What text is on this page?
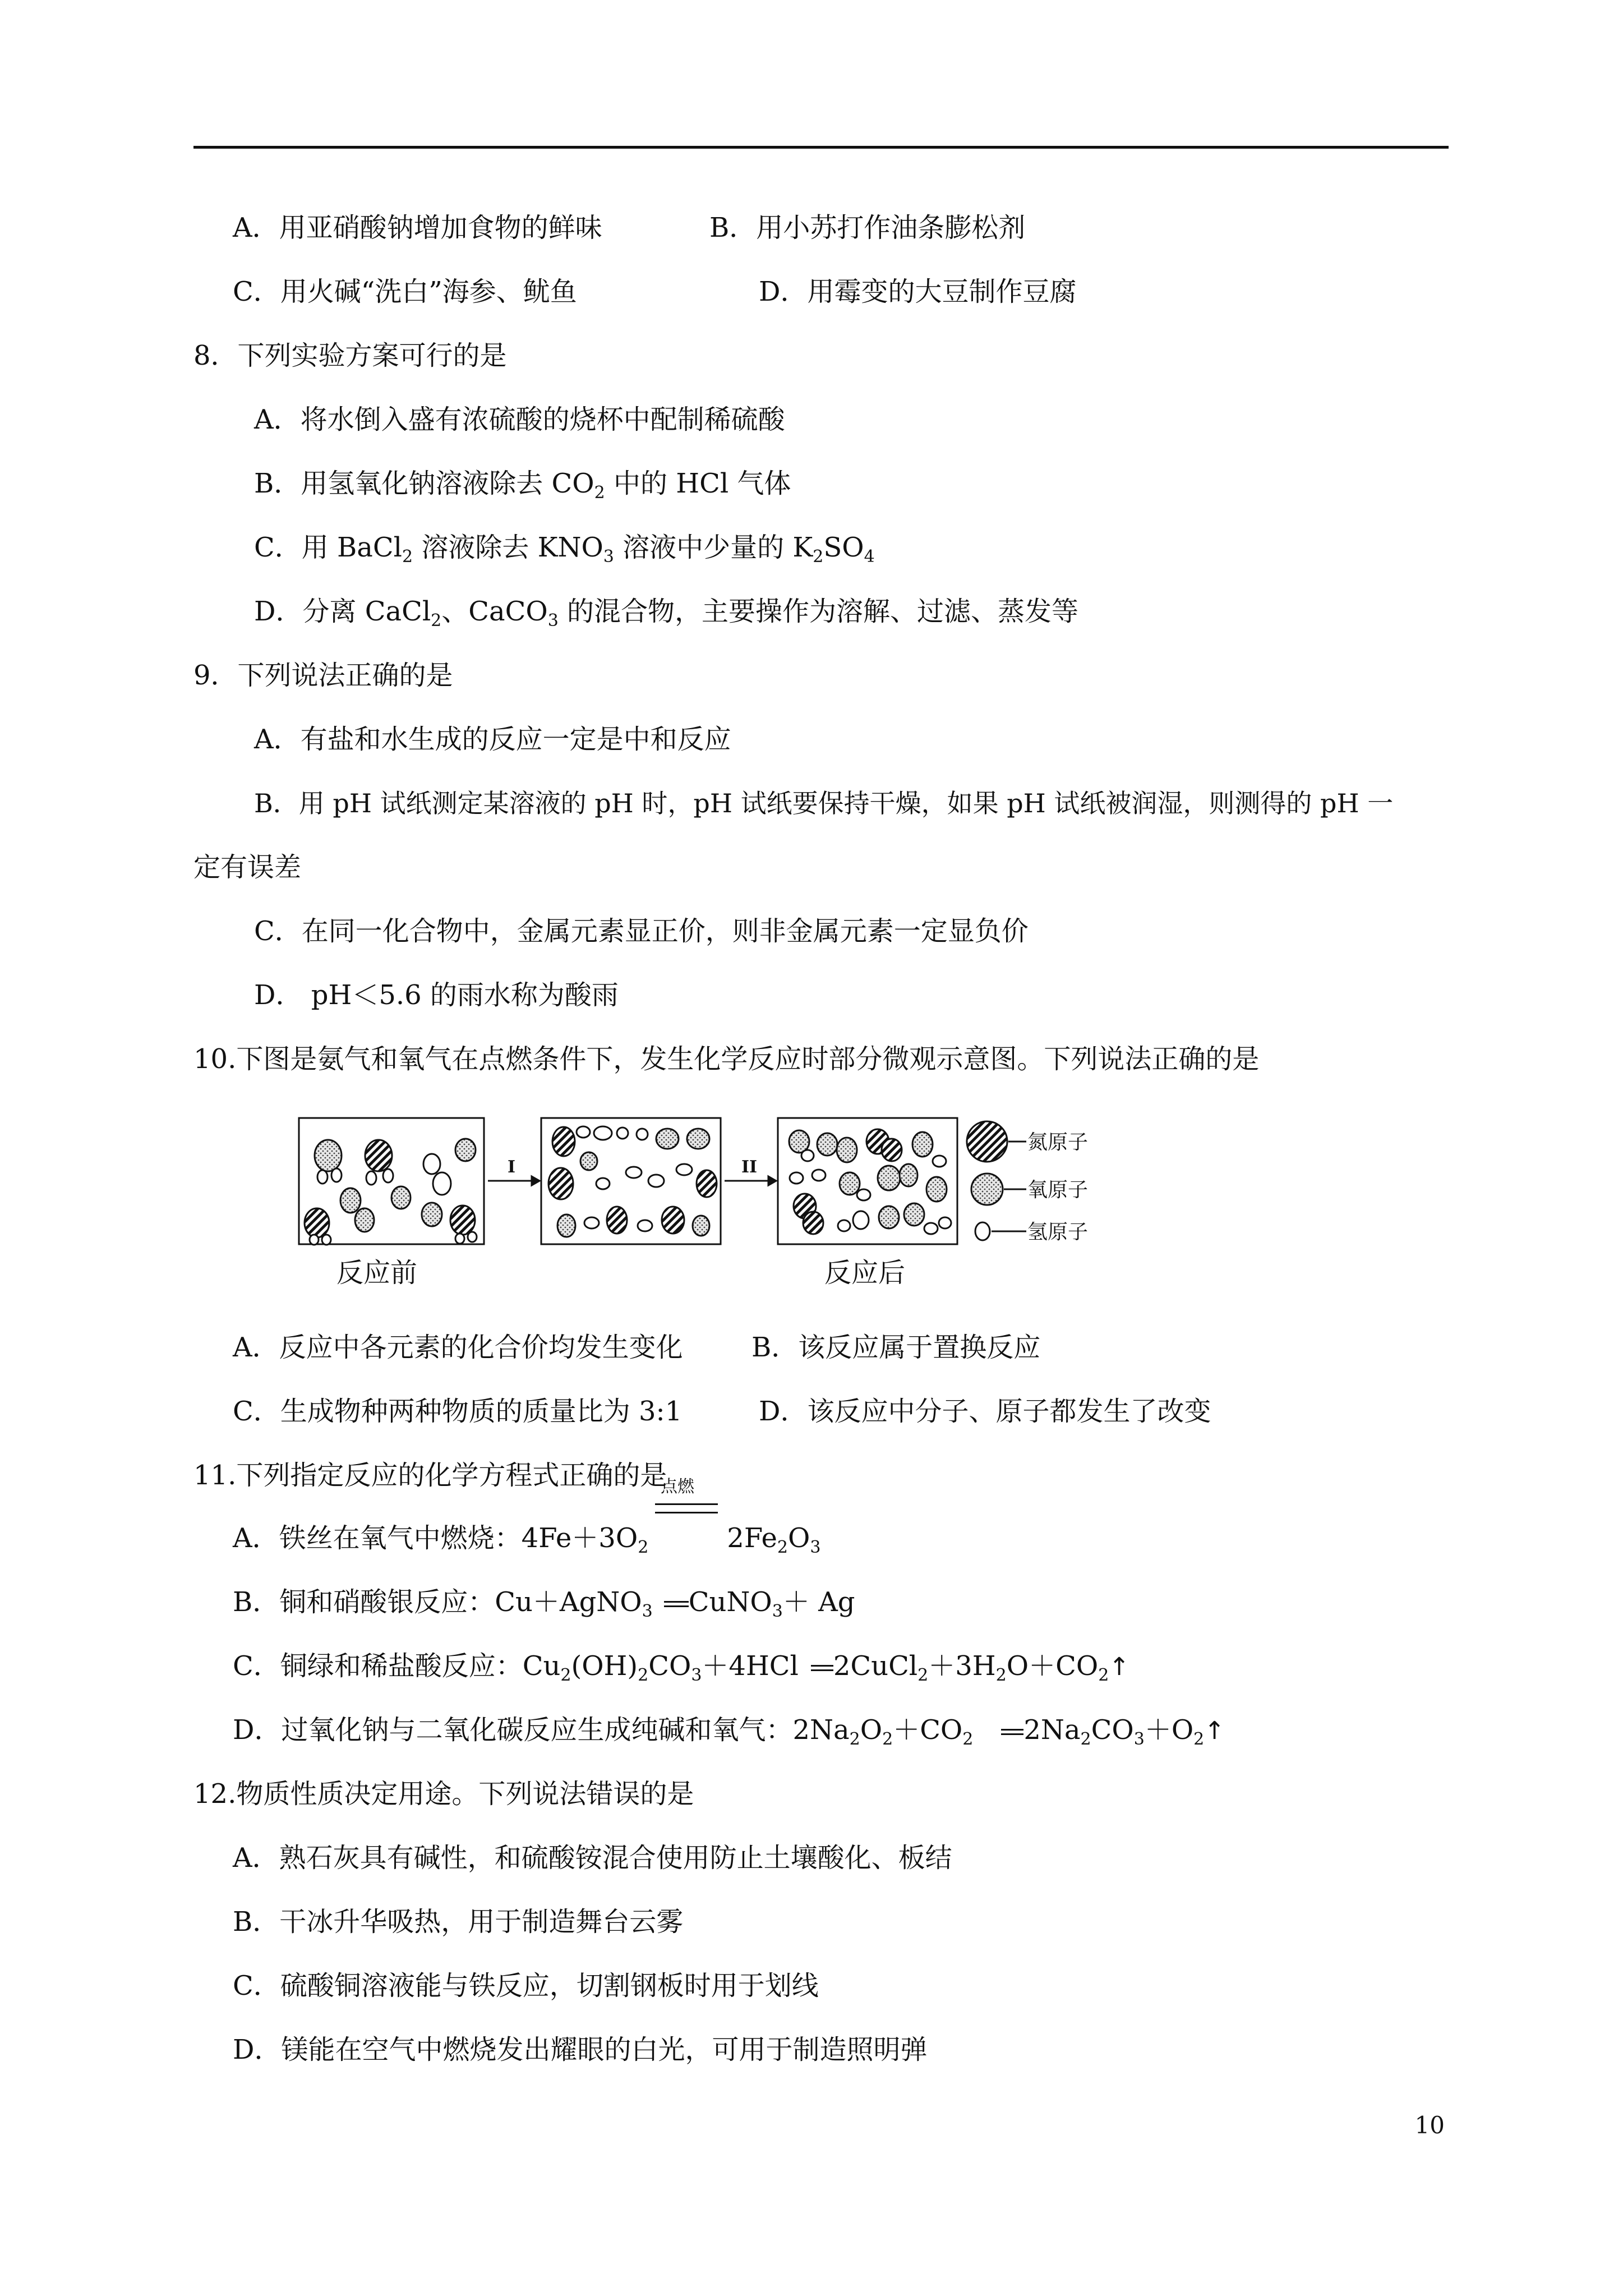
A．用亚硝酸钠增加食物的鲜味	B．用小苏打作油条膨松剂
C．用火碱“洗白”海参、鱿鱼	D．用霉变的大豆制作豆腐
8．下列实验方案可行的是
A．将水倒入盛有浓硫酸的烧杯中配制稀硫酸
B．用氢氧化钠溶液除去 $CO_2$ 中的 HCl 气体
C．用 BaCl$_2$ 溶液除去 $KNO_3$ 溶液中少量的 $K_2SO_4$
D．分离 CaCl$_2$、CaCO$_3$ 的混合物，主要操作为溶解、过滤、蒸发等
9．下列说法正确的是
A．有盐和水生成的反应一定是中和反应
B．用 pH 试纸测定某溶液的 pH 时，pH 试纸要保持干燥，如果 pH 试纸被润湿，则测得的 pH 一
定有误差
C．在同一化合物中，金属元素显正价，则非金属元素一定显负价
D． pH＜5.6 的雨水称为酸雨
10.下图是氨气和氧气在点燃条件下，发生化学反应时部分微观示意图。下列说法正确的是
I	II
反应前	反应后
氮原子
氧原子
氢原子
A．反应中各元素的化合价均发生变化	B．该反应属于置换反应
C．生成物种两种物质的质量比为 3:1	D．该反应中分子、原子都发生了改变
11.下列指定反应的化学方程式正确的是
点燃
A．铁丝在氧气中燃烧：$4Fe+3O_2$	$2Fe_2O_3$
B．铜和硝酸银反应：Cu＋AgNO$_3$ CuNO$_3$＋ Ag
C．铜绿和稀盐酸反应：$Cu_2(OH)_2CO_3+4HCl$ $2CuCl_2+3H_2O+CO_2↑$
D．过氧化钠与二氧化碳反应生成纯碱和氧气：$2Na_2O_2+CO_2$ $2Na_2CO_3+O_2↑$
12.物质性质决定用途。下列说法错误的是
A．熟石灰具有碱性，和硫酸铵混合使用防止土壤酸化、板结
B．干冰升华吸热，用于制造舞台云雾
C．硫酸铜溶液能与铁反应，切割钢板时用于划线
D．镁能在空气中燃烧发出耀眼的白光，可用于制造照明弹
10
